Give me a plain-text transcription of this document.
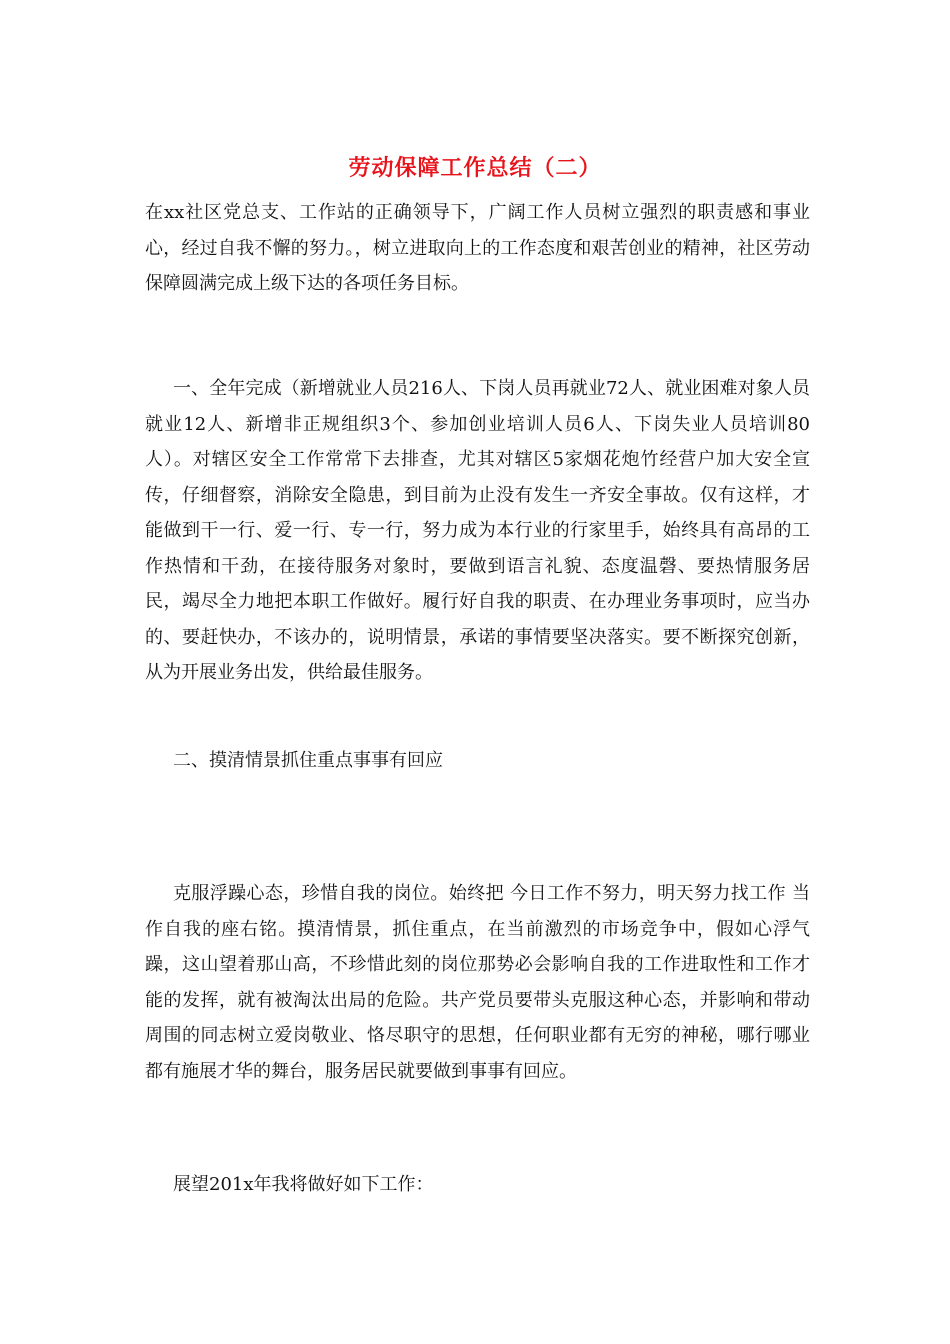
劳动保障工作总结（二）
在xx社区党总支、工作站的正确领导下，广阔工作人员树立强烈的职责感和事业心，经过自我不懈的努力。，树立进取向上的工作态度和艰苦创业的精神，社区劳动保障圆满完成上级下达的各项任务目标。
一、全年完成（新增就业人员216人、下岗人员再就业72人、就业困难对象人员就业12人、新增非正规组织3个、参加创业培训人员6人、下岗失业人员培训80人）。对辖区安全工作常常下去排查，尤其对辖区5家烟花炮竹经营户加大安全宣传，仔细督察，消除安全隐患，到目前为止没有发生一齐安全事故。仅有这样，才能做到干一行、爱一行、专一行，努力成为本行业的行家里手，始终具有高昂的工作热情和干劲，在接待服务对象时，要做到语言礼貌、态度温磬、要热情服务居民，竭尽全力地把本职工作做好。履行好自我的职责、在办理业务事项时，应当办的、要赶快办，不该办的，说明情景，承诺的事情要坚决落实。要不断探究创新，从为开展业务出发，供给最佳服务。
二、摸清情景抓住重点事事有回应
克服浮躁心态，珍惜自我的岗位。始终把 今日工作不努力，明天努力找工作 当作自我的座右铭。摸清情景，抓住重点，在当前激烈的市场竞争中，假如心浮气躁，这山望着那山高，不珍惜此刻的岗位那势必会影响自我的工作进取性和工作才能的发挥，就有被淘汰出局的危险。共产党员要带头克服这种心态，并影响和带动周围的同志树立爱岗敬业、恪尽职守的思想，任何职业都有无穷的神秘，哪行哪业都有施展才华的舞台，服务居民就要做到事事有回应。
展望201x年我将做好如下工作：
